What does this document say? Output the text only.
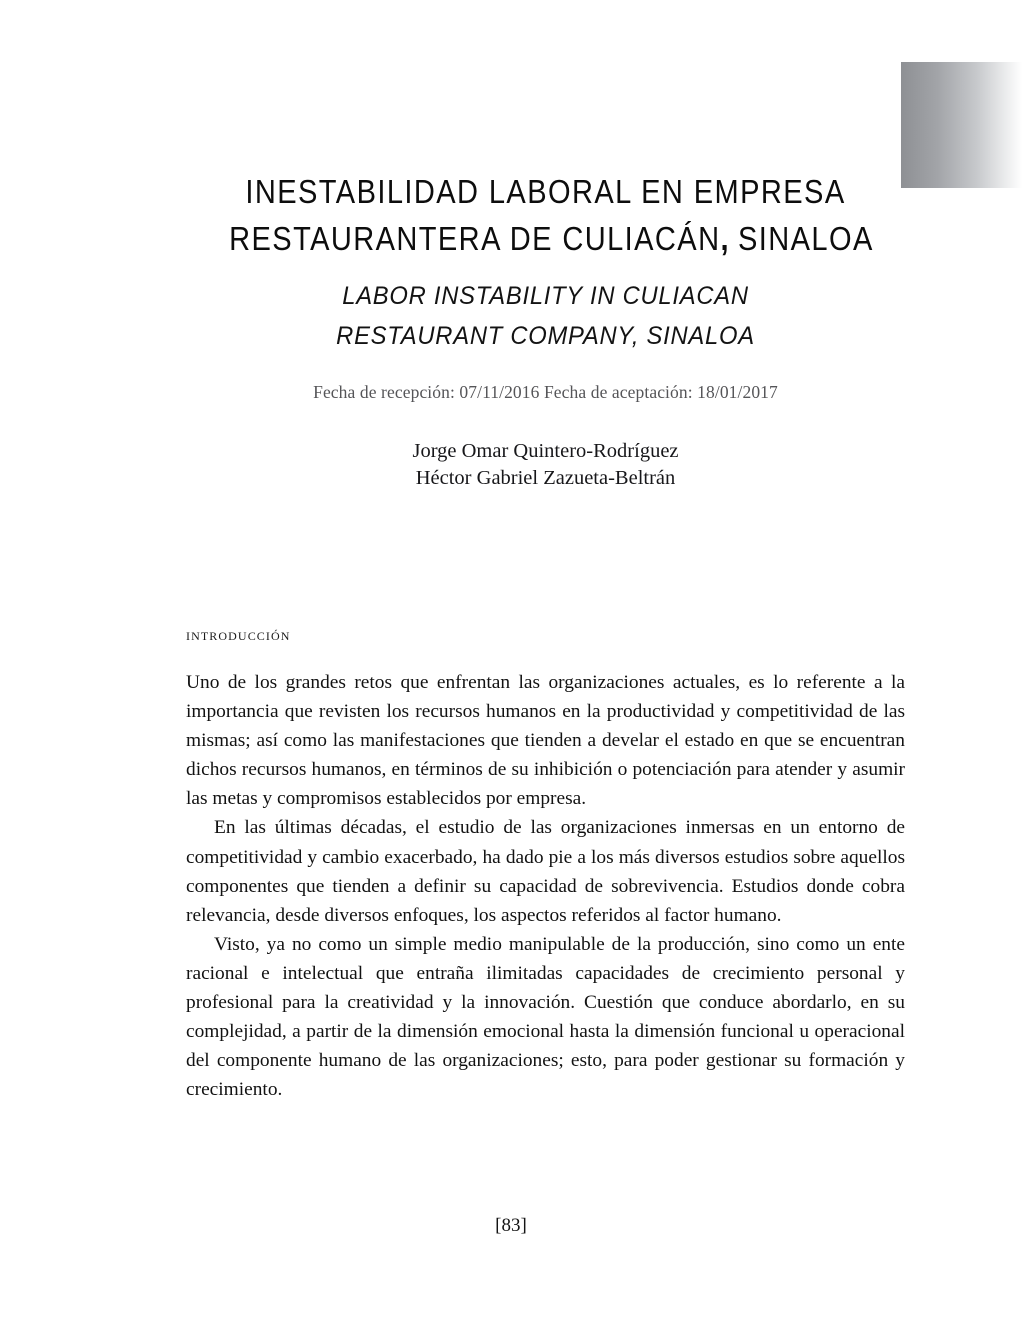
INESTABILIDAD LABORAL EN EMPRESA
RESTAURANTERA DE CULIACÁN, SINALOA
LABOR INSTABILITY IN CULIACAN
RESTAURANT COMPANY, SINALOA
Fecha de recepción: 07/11/2016 Fecha de aceptación: 18/01/2017
Jorge Omar Quintero-Rodríguez
Héctor Gabriel Zazueta-Beltrán
introducción

Uno de los grandes retos que enfrentan las organizaciones actuales, es lo referente a la importancia que revisten los recursos humanos en la productividad y competitividad de las mismas; así como las manifestaciones que tienden a develar el estado en que se encuentran dichos recursos humanos, en términos de su inhibición o potenciación para atender y asumir las metas y compromisos establecidos por empresa.

En las últimas décadas, el estudio de las organizaciones inmersas en un entorno de competitividad y cambio exacerbado, ha dado pie a los más diversos estudios sobre aquellos componentes que tienden a definir su capacidad de sobrevivencia. Estudios donde cobra relevancia, desde diversos enfoques, los aspectos referidos al factor humano.

Visto, ya no como un simple medio manipulable de la producción, sino como un ente racional e intelectual que entraña ilimitadas capacidades de crecimiento personal y profesional para la creatividad y la innovación. Cuestión que conduce abordarlo, en su complejidad, a partir de la dimensión emocional hasta la dimensión funcional u operacional del componente humano de las organizaciones; esto, para poder gestionar su formación y crecimiento.

[83]
